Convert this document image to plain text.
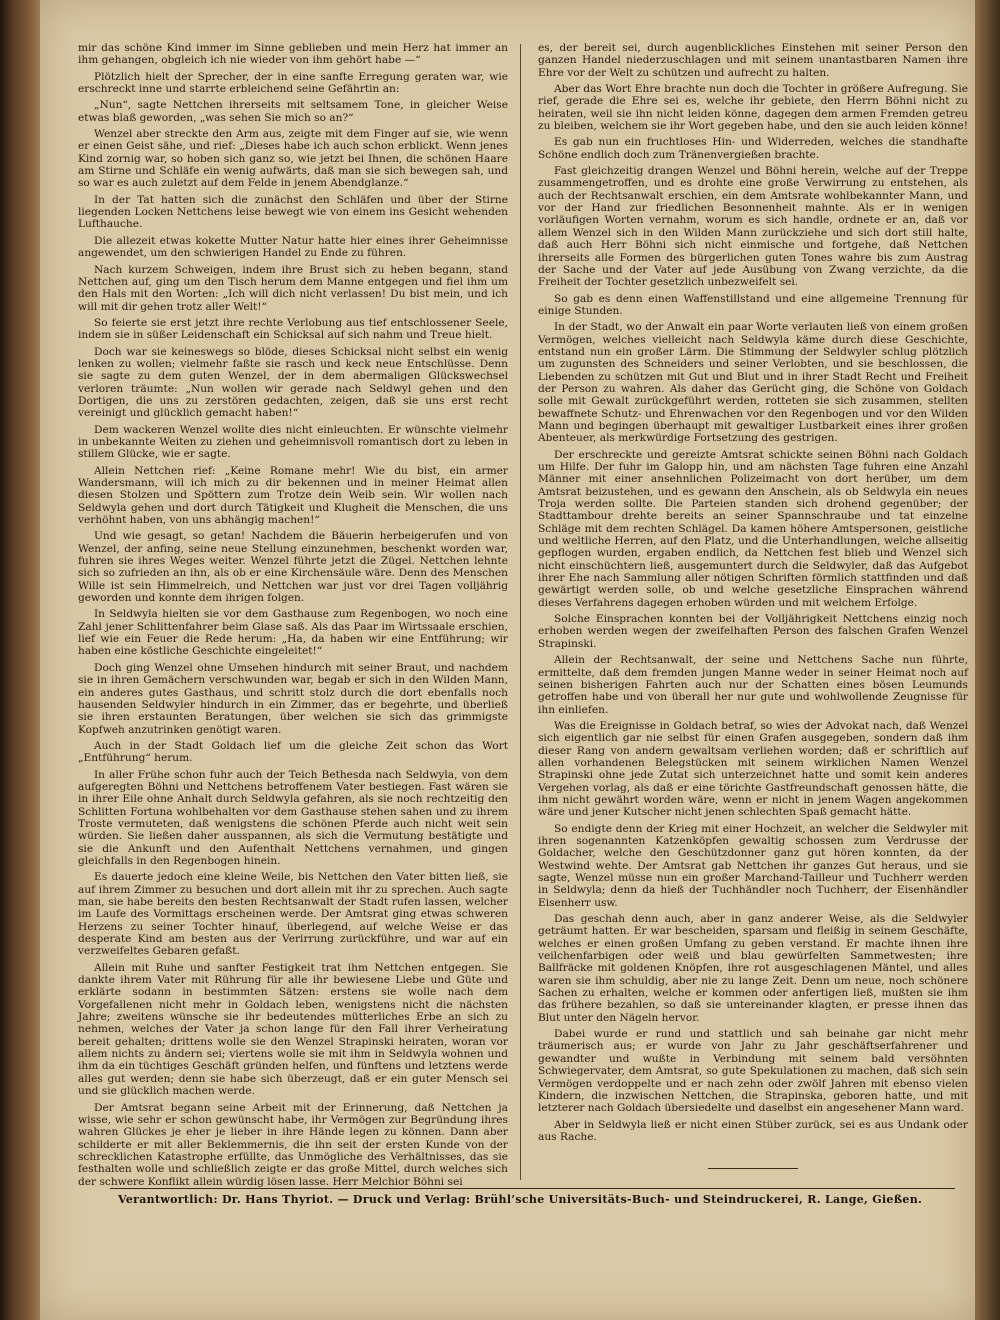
mir das schöne Kind immer im Sinne geblieben und mein Herz hat immer an ihm gehangen, obgleich ich nie wieder von ihm gehört habe —“

Plötzlich hielt der Sprecher, der in eine sanfte Erregung geraten war, wie erschreckt inne und starrte erbleichend seine Gefährtin an:

„Nun“, sagte Nettchen ihrerseits mit seltsamem Tone, in gleicher Weise etwas blaß geworden, „was sehen Sie mich so an?“

Wenzel aber streckte den Arm aus, zeigte mit dem Finger auf sie, wie wenn er einen Geist sähe, und rief: „Dieses habe ich auch schon erblickt. Wenn jenes Kind zornig war, so hoben sich ganz so, wie jetzt bei Ihnen, die schönen Haare am Stirne und Schläfe ein wenig aufwärts, daß man sie sich bewegen sah, und so war es auch zuletzt auf dem Felde in jenem Abendglanze.“

In der Tat hatten sich die zunächst den Schläfen und über der Stirne liegenden Locken Nettchens leise bewegt wie von einem ins Gesicht wehenden Lufthauche.

Die allezeit etwas kokette Mutter Natur hatte hier eines ihrer Geheimnisse angewendet, um den schwierigen Handel zu Ende zu führen.

Nach kurzem Schweigen, indem ihre Brust sich zu heben begann, stand Nettchen auf, ging um den Tisch herum dem Manne entgegen und fiel ihm um den Hals mit den Worten: „Ich will dich nicht verlassen! Du bist mein, und ich will mit dir gehen trotz aller Welt!“

So feierte sie erst jetzt ihre rechte Verlobung aus tief entschlossener Seele, indem sie in süßer Leidenschaft ein Schicksal auf sich nahm und Treue hielt.

Doch war sie keineswegs so blöde, dieses Schicksal nicht selbst ein wenig lenken zu wollen; vielmehr faßte sie rasch und keck neue Entschlüsse. Denn sie sagte zu dem guten Wenzel, der in dem abermaligen Glückswechsel verloren träumte: „Nun wollen wir gerade nach Seldwyl gehen und den Dortigen, die uns zu zerstören gedachten, zeigen, daß sie uns erst recht vereinigt und glücklich gemacht haben!“

Dem wackeren Wenzel wollte dies nicht einleuchten. Er wünschte vielmehr in unbekannte Weiten zu ziehen und geheimnisvoll romantisch dort zu leben in stillem Glücke, wie er sagte.

Allein Nettchen rief: „Keine Romane mehr! Wie du bist, ein armer Wandersmann, will ich mich zu dir bekennen und in meiner Heimat allen diesen Stolzen und Spöttern zum Trotze dein Weib sein. Wir wollen nach Seldwyla gehen und dort durch Tätigkeit und Klugheit die Menschen, die uns verhöhnt haben, von uns abhängig machen!“

Und wie gesagt, so getan! Nachdem die Bäuerin herbeigerufen und von Wenzel, der anfing, seine neue Stellung einzunehmen, beschenkt worden war, fuhren sie ihres Weges weiter. Wenzel führte jetzt die Zügel. Nettchen lehnte sich so zufrieden an ihn, als ob er eine Kirchensäule wäre. Denn des Menschen Wille ist sein Himmelreich, und Nettchen war just vor drei Tagen volljährig geworden und konnte dem ihrigen folgen.

In Seldwyla hielten sie vor dem Gasthause zum Regenbogen, wo noch eine Zahl jener Schlittenfahrer beim Glase saß. Als das Paar im Wirtssaale erschien, lief wie ein Feuer die Rede herum: „Ha, da haben wir eine Entführung; wir haben eine köstliche Geschichte eingeleitet!“

Doch ging Wenzel ohne Umsehen hindurch mit seiner Braut, und nachdem sie in ihren Gemächern verschwunden war, begab er sich in den Wilden Mann, ein anderes gutes Gasthaus, und schritt stolz durch die dort ebenfalls noch hausenden Seldwyler hindurch in ein Zimmer, das er begehrte, und überließ sie ihren erstaunten Beratungen, über welchen sie sich das grimmigste Kopfweh anzutrinken genötigt waren.

Auch in der Stadt Goldach lief um die gleiche Zeit schon das Wort „Entführung“ herum.

In aller Frühe schon fuhr auch der Teich Bethesda nach Seldwyla, von dem aufgeregten Böhni und Nettchens betroffenem Vater bestiegen. Fast wären sie in ihrer Eile ohne Anhalt durch Seldwyla gefahren, als sie noch rechtzeitig den Schlitten Fortuna wohlbehalten vor dem Gasthause stehen sahen und zu ihrem Troste vermuteten, daß wenigstens die schönen Pferde auch nicht weit sein würden. Sie ließen daher ausspannen, als sich die Vermutung bestätigte und sie die Ankunft und den Aufenthalt Nettchens vernahmen, und gingen gleichfalls in den Regenbogen hinein.

Es dauerte jedoch eine kleine Weile, bis Nettchen den Vater bitten ließ, sie auf ihrem Zimmer zu besuchen und dort allein mit ihr zu sprechen. Auch sagte man, sie habe bereits den besten Rechtsanwalt der Stadt rufen lassen, welcher im Laufe des Vormittags erscheinen werde. Der Amtsrat ging etwas schweren Herzens zu seiner Tochter hinauf, überlegend, auf welche Weise er das desperate Kind am besten aus der Verirrung zurückführe, und war auf ein verzweifeltes Gebaren gefaßt.

Allein mit Ruhe und sanfter Festigkeit trat ihm Nettchen entgegen. Sie dankte ihrem Vater mit Rührung für alle ihr bewiesene Liebe und Güte und erklärte sodann in bestimmten Sätzen: erstens sie wolle nach dem Vorgefallenen nicht mehr in Goldach leben, wenigstens nicht die nächsten Jahre; zweitens wünsche sie ihr bedeutendes mütterliches Erbe an sich zu nehmen, welches der Vater ja schon lange für den Fall ihrer Verheiratung bereit gehalten; drittens wolle sie den Wenzel Strapinski heiraten, woran vor allem nichts zu ändern sei; viertens wolle sie mit ihm in Seldwyla wohnen und ihm da ein tüchtiges Geschäft gründen helfen, und fünftens und letztens werde alles gut werden; denn sie habe sich überzeugt, daß er ein guter Mensch sei und sie glücklich machen werde.

Der Amtsrat begann seine Arbeit mit der Erinnerung, daß Nettchen ja wisse, wie sehr er schon gewünscht habe, ihr Vermögen zur Begründung ihres wahren Glückes je eher je lieber in ihre Hände legen zu können. Dann aber schilderte er mit aller Beklemmernis, die ihn seit der ersten Kunde von der schrecklichen Katastrophe erfüllte, das Unmögliche des Verhältnisses, das sie festhalten wolle und schließlich zeigte er das große Mittel, durch welches sich der schwere Konflikt allein würdig lösen lasse. Herr Melchior Böhni sei

es, der bereit sei, durch augenblickliches Einstehen mit seiner Person den ganzen Handel niederzuschlagen und mit seinem unantastbaren Namen ihre Ehre vor der Welt zu schützen und aufrecht zu halten.

Aber das Wort Ehre brachte nun doch die Tochter in größere Aufregung. Sie rief, gerade die Ehre sei es, welche ihr gebiete, den Herrn Böhni nicht zu heiraten, weil sie ihn nicht leiden könne, dagegen dem armen Fremden getreu zu bleiben, welchem sie ihr Wort gegeben habe, und den sie auch leiden könne!

Es gab nun ein fruchtloses Hin- und Widerreden, welches die standhafte Schöne endlich doch zum Tränenvergießen brachte.

Fast gleichzeitig drangen Wenzel und Böhni herein, welche auf der Treppe zusammengetroffen, und es drohte eine große Verwirrung zu entstehen, als auch der Rechtsanwalt erschien, ein dem Amtsrate wohlbekannter Mann, und vor der Hand zur friedlichen Besonnenheit mahnte. Als er in wenigen vorläufigen Worten vernahm, worum es sich handle, ordnete er an, daß vor allem Wenzel sich in den Wilden Mann zurückziehe und sich dort still halte, daß auch Herr Böhni sich nicht einmische und fortgehe, daß Nettchen ihrerseits alle Formen des bürgerlichen guten Tones wahre bis zum Austrag der Sache und der Vater auf jede Ausübung von Zwang verzichte, da die Freiheit der Tochter gesetzlich unbezweifelt sei.

So gab es denn einen Waffenstillstand und eine allgemeine Trennung für einige Stunden.

In der Stadt, wo der Anwalt ein paar Worte verlauten ließ von einem großen Vermögen, welches vielleicht nach Seldwyla käme durch diese Geschichte, entstand nun ein großer Lärm. Die Stimmung der Seldwyler schlug plötzlich um zugunsten des Schneiders und seiner Verlobten, und sie beschlossen, die Liebenden zu schützen mit Gut und Blut und in ihrer Stadt Recht und Freiheit der Person zu wahren. Als daher das Gerücht ging, die Schöne von Goldach solle mit Gewalt zurückgeführt werden, rotteten sie sich zusammen, stellten bewaffnete Schutz- und Ehrenwachen vor den Regenbogen und vor den Wilden Mann und begingen überhaupt mit gewaltiger Lustbarkeit eines ihrer großen Abenteuer, als merkwürdige Fortsetzung des gestrigen.

Der erschreckte und gereizte Amtsrat schickte seinen Böhni nach Goldach um Hilfe. Der fuhr im Galopp hin, und am nächsten Tage fuhren eine Anzahl Männer mit einer ansehnlichen Polizeimacht von dort herüber, um dem Amtsrat beizustehen, und es gewann den Anschein, als ob Seldwyla ein neues Troja werden sollte. Die Parteien standen sich drohend gegenüber; der Stadttambour drehte bereits an seiner Spannschraube und tat einzelne Schläge mit dem rechten Schlägel. Da kamen höhere Amtspersonen, geistliche und weltliche Herren, auf den Platz, und die Unterhandlungen, welche allseitig gepflogen wurden, ergaben endlich, da Nettchen fest blieb und Wenzel sich nicht einschüchtern ließ, ausgemuntert durch die Seldwyler, daß das Aufgebot ihrer Ehe nach Sammlung aller nötigen Schriften förmlich stattfinden und daß gewärtigt werden solle, ob und welche gesetzliche Einsprachen während dieses Verfahrens dagegen erhoben würden und mit welchem Erfolge.

Solche Einsprachen konnten bei der Volljährigkeit Nettchens einzig noch erhoben werden wegen der zweifelhaften Person des falschen Grafen Wenzel Strapinski.

Allein der Rechtsanwalt, der seine und Nettchens Sache nun führte, ermittelte, daß dem fremden jungen Manne weder in seiner Heimat noch auf seinen bisherigen Fahrten auch nur der Schatten eines bösen Leumunds getroffen habe und von überall her nur gute und wohlwollende Zeugnisse für ihn einliefen.

Was die Ereignisse in Goldach betraf, so wies der Advokat nach, daß Wenzel sich eigentlich gar nie selbst für einen Grafen ausgegeben, sondern daß ihm dieser Rang von andern gewaltsam verliehen worden; daß er schriftlich auf allen vorhandenen Belegstücken mit seinem wirklichen Namen Wenzel Strapinski ohne jede Zutat sich unterzeichnet hatte und somit kein anderes Vergehen vorlag, als daß er eine törichte Gastfreundschaft genossen hätte, die ihm nicht gewährt worden wäre, wenn er nicht in jenem Wagen angekommen wäre und jener Kutscher nicht jenen schlechten Spaß gemacht hätte.

So endigte denn der Krieg mit einer Hochzeit, an welcher die Seldwyler mit ihren sogenannten Katzenköpfen gewaltig schossen zum Verdrusse der Goldacher, welche den Geschützdonner ganz gut hören konnten, da der Westwind wehte. Der Amtsrat gab Nettchen ihr ganzes Gut heraus, und sie sagte, Wenzel müsse nun ein großer Marchand-Tailleur und Tuchherr werden in Seldwyla; denn da hieß der Tuchhändler noch Tuchherr, der Eisenhändler Eisenherr usw.

Das geschah denn auch, aber in ganz anderer Weise, als die Seldwyler geträumt hatten. Er war bescheiden, sparsam und fleißig in seinem Geschäfte, welches er einen großen Umfang zu geben verstand. Er machte ihnen ihre veilchenfarbigen oder weiß und blau gewürfelten Sammetwesten; ihre Ballfräcke mit goldenen Knöpfen, ihre rot ausgeschlagenen Mäntel, und alles waren sie ihm schuldig, aber nie zu lange Zeit. Denn um neue, noch schönere Sachen zu erhalten, welche er kommen oder anfertigen ließ, mußten sie ihm das frühere bezahlen, so daß sie untereinander klagten, er presse ihnen das Blut unter den Nägeln hervor.

Dabei wurde er rund und stattlich und sah beinahe gar nicht mehr träumerisch aus; er wurde von Jahr zu Jahr geschäftserfahrener und gewandter und wußte in Verbindung mit seinem bald versöhnten Schwiegervater, dem Amtsrat, so gute Spekulationen zu machen, daß sich sein Vermögen verdoppelte und er nach zehn oder zwölf Jahren mit ebenso vielen Kindern, die inzwischen Nettchen, die Strapinska, geboren hatte, und mit letzterer nach Goldach übersiedelte und daselbst ein angesehener Mann ward.

Aber in Seldwyla ließ er nicht einen Stüber zurück, sei es aus Undank oder aus Rache.

Verantwortlich: Dr. Hans Thyriot. — Druck und Verlag: Brühl’sche Universitäts-Buch- und Steindruckerei, R. Lange, Gießen.
